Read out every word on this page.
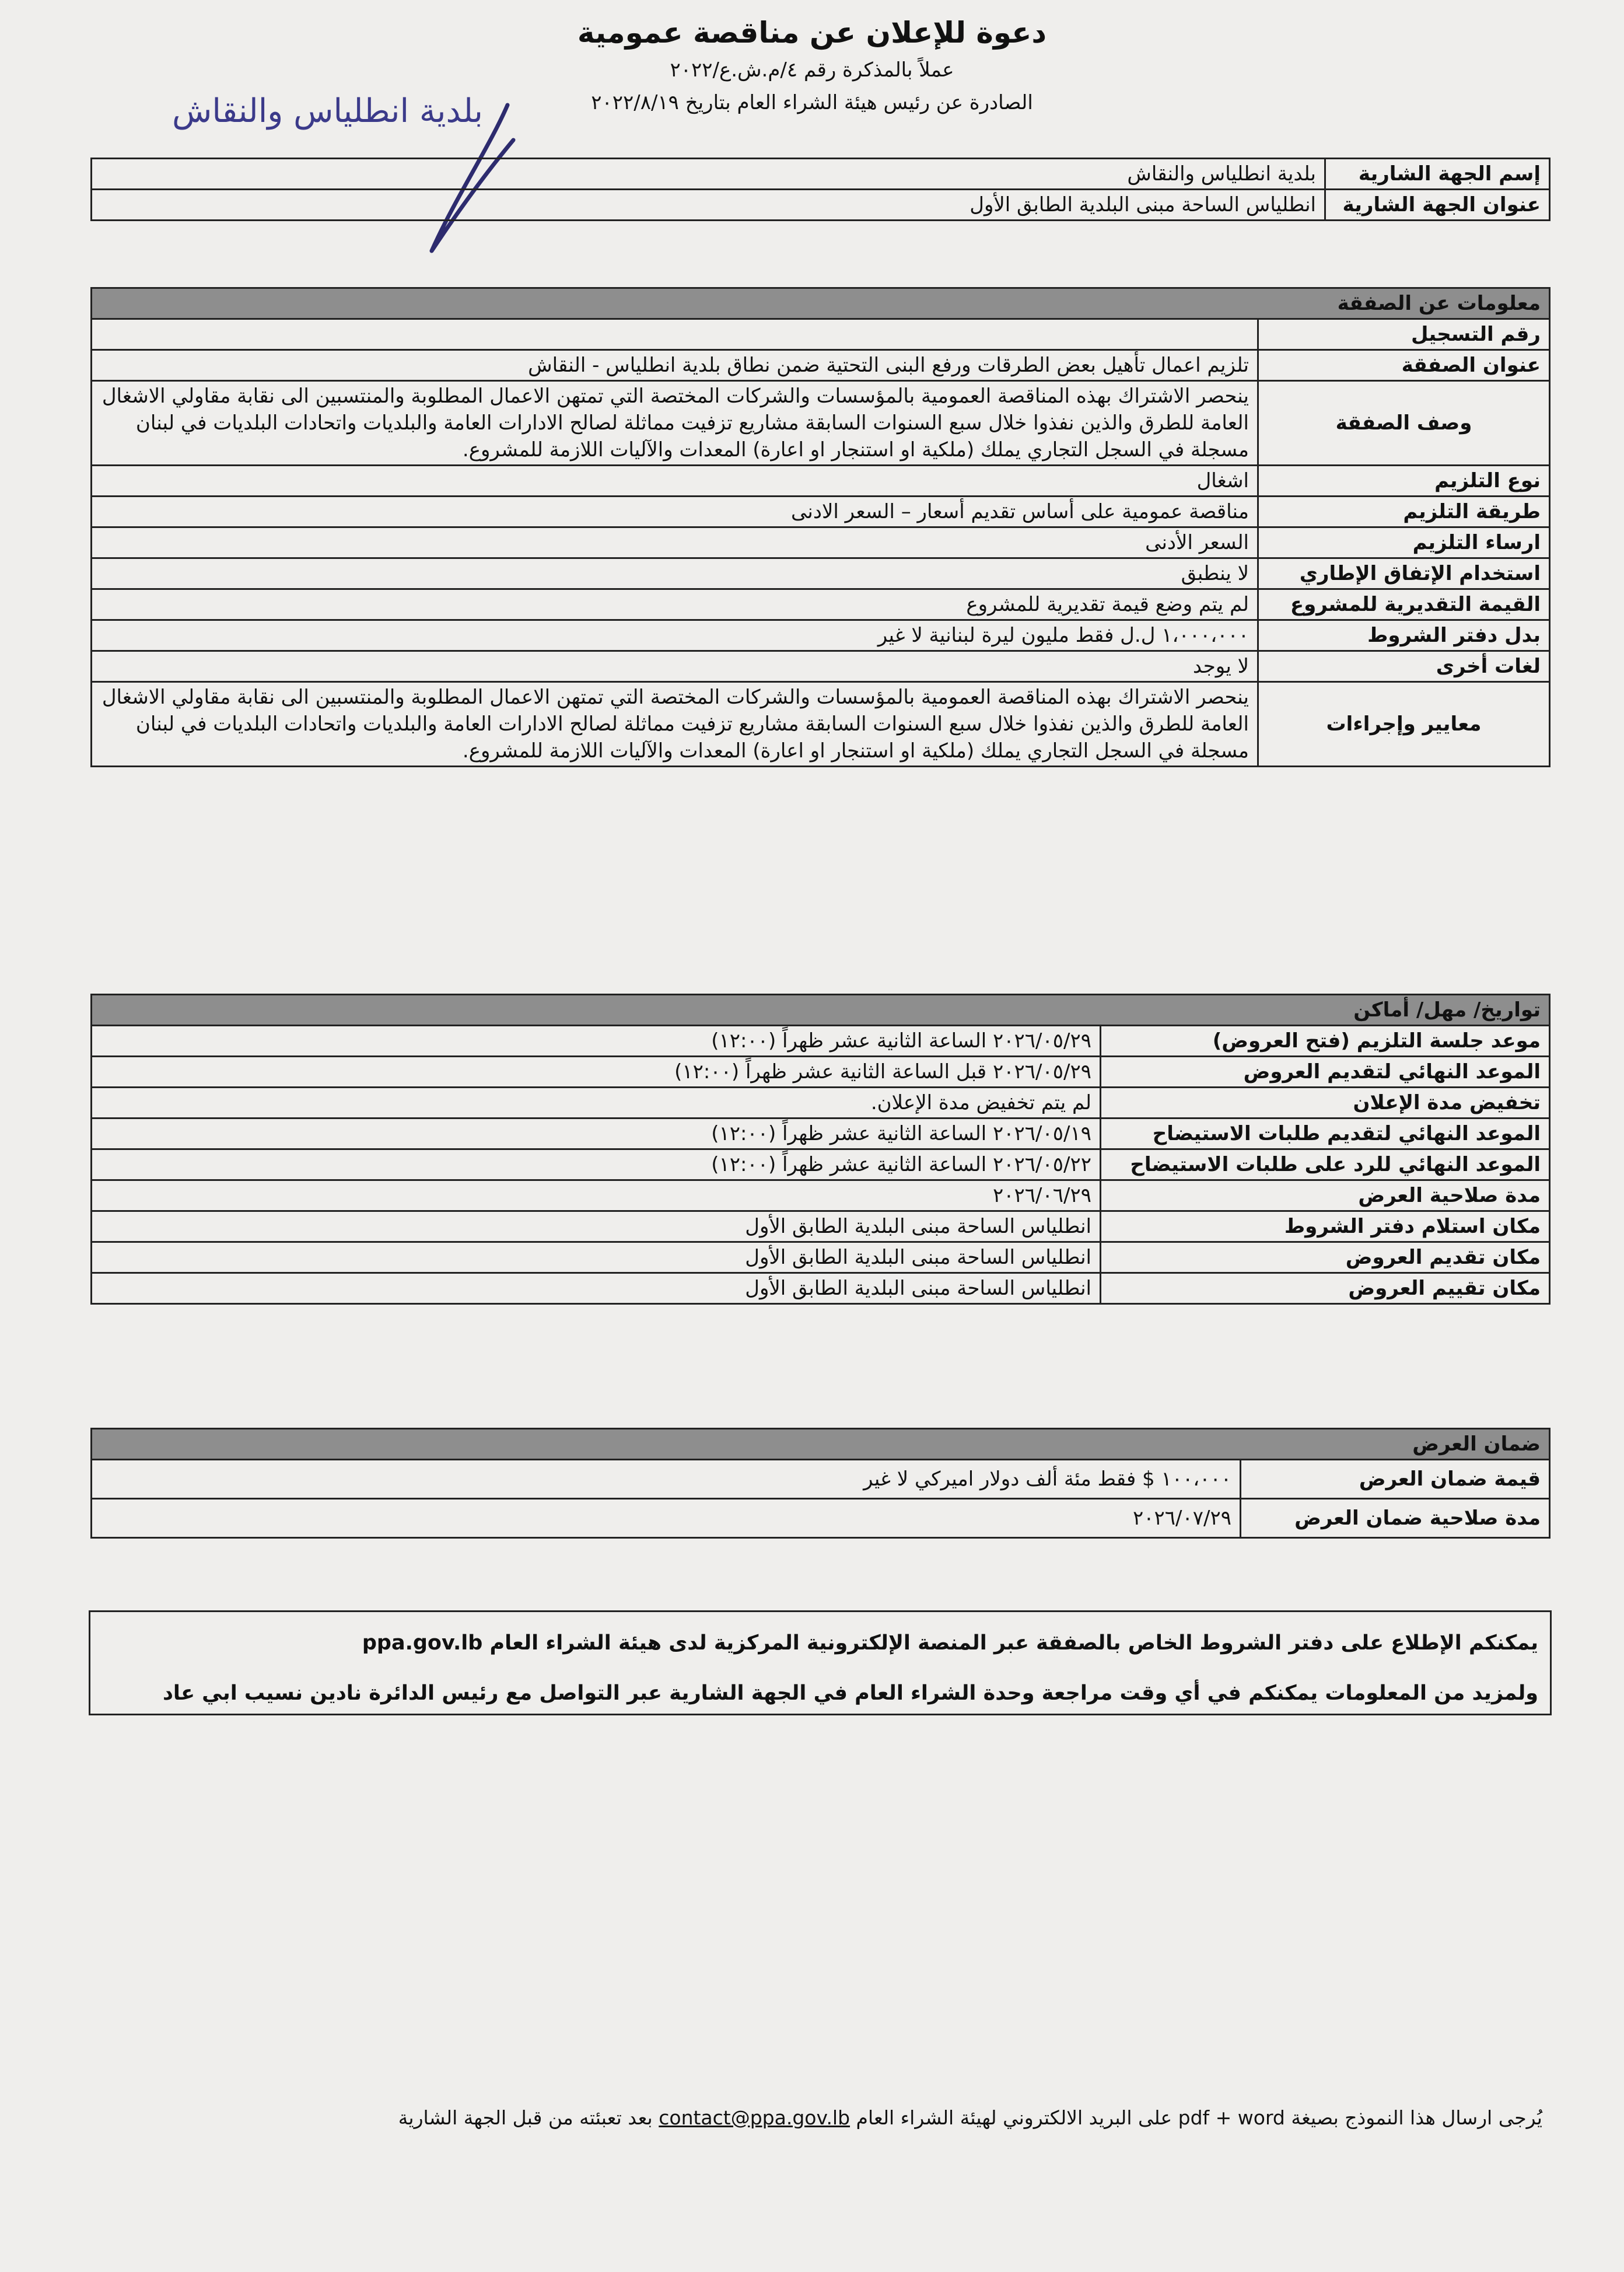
دعوة للإعلان عن مناقصة عمومية

عملاً بالمذكرة رقم ٤/م.ش.ع/٢٠٢٢

الصادرة عن رئيس هيئة الشراء العام بتاريخ ٢٠٢٢/٨/١٩

بلدية انطلياس والنقاش
إسم الجهة الشارية	بلدية انطلياس والنقاش
عنوان الجهة الشارية	انطلياس الساحة مبنى البلدية الطابق الأول
معلومات عن الصفقة	
رقم التسجيل	
عنوان الصفقة	تلزيم اعمال تأهيل بعض الطرقات ورفع البنى التحتية ضمن نطاق بلدية انطلياس - النقاش
وصف الصفقة	ينحصر الاشتراك بهذه المناقصة العمومية بالمؤسسات والشركات المختصة التي تمتهن الاعمال المطلوبة والمنتسبين الى نقابة مقاولي الاشغال العامة للطرق والذين نفذوا خلال سبع السنوات السابقة مشاريع تزفيت مماثلة لصالح الادارات العامة والبلديات واتحادات البلديات في لبنان مسجلة في السجل التجاري يملك (ملكية او استنجار او اعارة) المعدات والآليات اللازمة للمشروع.
نوع التلزيم	اشغال
طريقة التلزيم	مناقصة عمومية على أساس تقديم أسعار – السعر الادنى
ارساء التلزيم	السعر الأدنى
استخدام الإتفاق الإطاري	لا ينطبق
القيمة التقديرية للمشروع	لم يتم وضع قيمة تقديرية للمشروع
بدل دفتر الشروط	١،٠٠٠،٠٠٠ ل.ل فقط مليون ليرة لبنانية لا غير
لغات أخرى	لا يوجد
معايير وإجراءات	ينحصر الاشتراك بهذه المناقصة العمومية بالمؤسسات والشركات المختصة التي تمتهن الاعمال المطلوبة والمنتسبين الى نقابة مقاولي الاشغال العامة للطرق والذين نفذوا خلال سبع السنوات السابقة مشاريع تزفيت مماثلة لصالح الادارات العامة والبلديات واتحادات البلديات في لبنان مسجلة في السجل التجاري يملك (ملكية او استنجار او اعارة) المعدات والآليات اللازمة للمشروع.
تواريخ/ مهل/ أماكن	
موعد جلسة التلزيم (فتح العروض)	٢٠٢٦/٠٥/٢٩ الساعة الثانية عشر ظهراً (١٢:٠٠)
الموعد النهائي لتقديم العروض	٢٠٢٦/٠٥/٢٩ قبل الساعة الثانية عشر ظهراً (١٢:٠٠)
تخفيض مدة الإعلان	لم يتم تخفيض مدة الإعلان.
الموعد النهائي لتقديم طلبات الاستيضاح	٢٠٢٦/٠٥/١٩ الساعة الثانية عشر ظهراً (١٢:٠٠)
الموعد النهائي للرد على طلبات الاستيضاح	٢٠٢٦/٠٥/٢٢ الساعة الثانية عشر ظهراً (١٢:٠٠)
مدة صلاحية العرض	٢٠٢٦/٠٦/٢٩
مكان استلام دفتر الشروط	انطلياس الساحة مبنى البلدية الطابق الأول
مكان تقديم العروض	انطلياس الساحة مبنى البلدية الطابق الأول
مكان تقييم العروض	انطلياس الساحة مبنى البلدية الطابق الأول
ضمان العرض	
قيمة ضمان العرض	١٠٠،٠٠٠ $ فقط مئة ألف دولار اميركي لا غير
مدة صلاحية ضمان العرض	٢٠٢٦/٠٧/٢٩

يمكنكم الإطلاع على دفتر الشروط الخاص بالصفقة عبر المنصة الإلكترونية المركزية لدى هيئة الشراء العام ppa.gov.lb

ولمزيد من المعلومات يمكنكم في أي وقت مراجعة وحدة الشراء العام في الجهة الشارية عبر التواصل مع رئيس الدائرة نادين نسيب ابي عاد

يُرجى ارسال هذا النموذج بصيغة pdf + word على البريد الالكتروني لهيئة الشراء العام contact@ppa.gov.lb بعد تعبئته من قبل الجهة الشارية
